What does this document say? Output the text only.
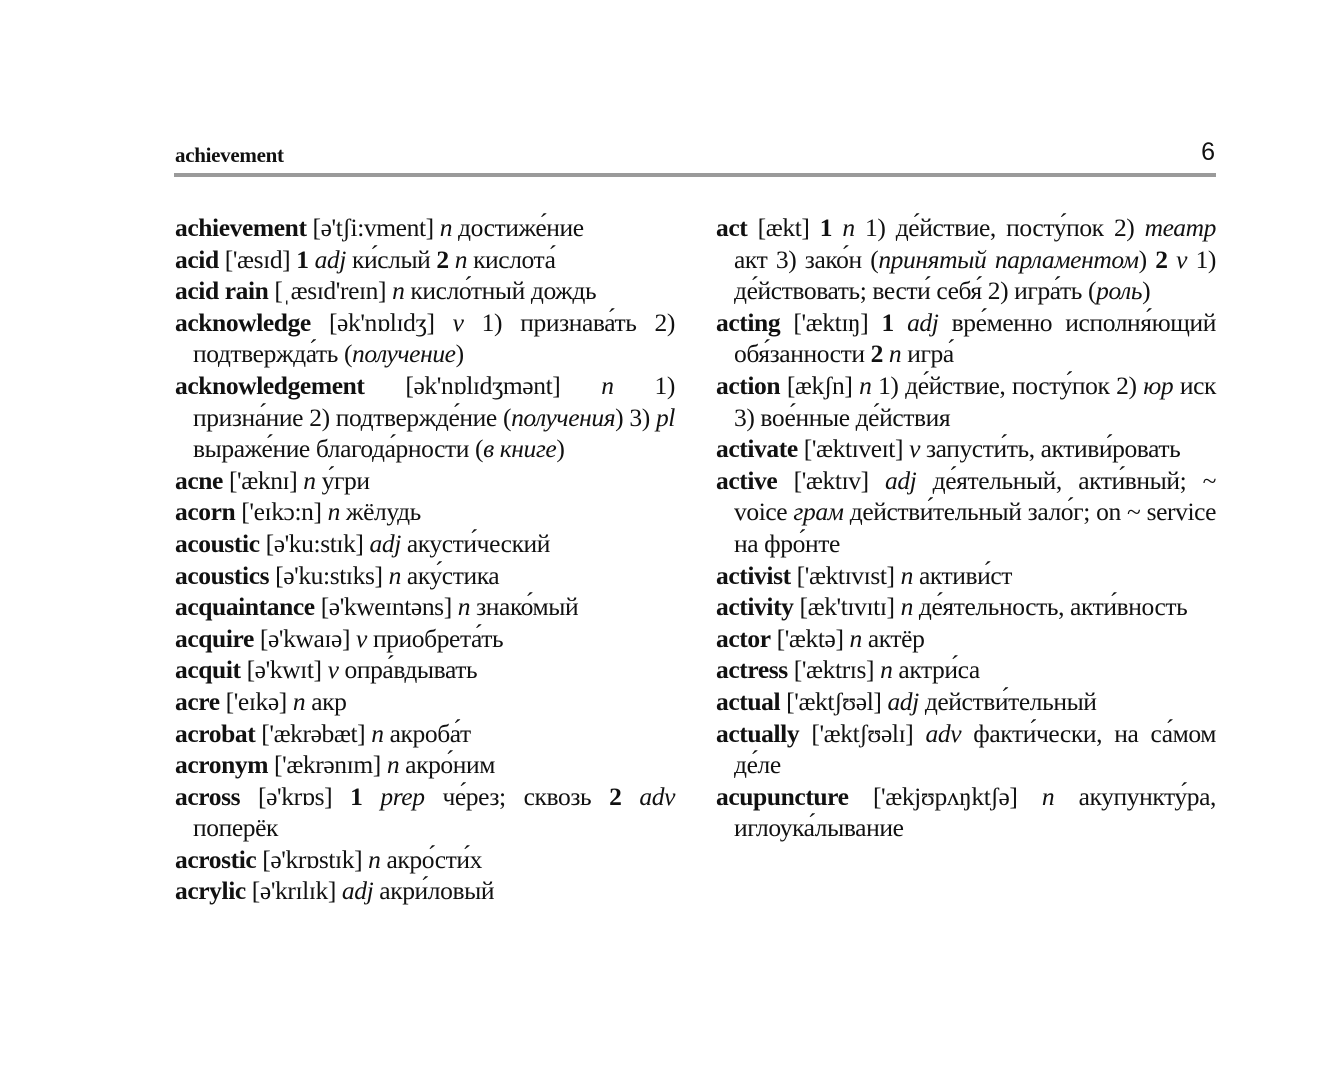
achievement	6
achievement [ə'tʃi:vment] n достиже́ние
acid ['æsɪd] 1 adj ки́слый 2 n кислота́
acid rain [ˌæsɪd'reɪn] n кисло́тный дождь
acknowledge [ək'nɒlɪdʒ] v 1) признава́ть 2) подтвержда́ть (получение)
acknowledgement [ək'nɒlɪdʒmənt] n 1) призна́ние 2) подтвержде́ние (получения) 3) pl выраже́ние благода́рности (в книге)
acne ['æknɪ] n у́гри
acorn ['eɪkɔ:n] n жёлудь
acoustic [ə'ku:stɪk] adj акусти́ческий
acoustics [ə'ku:stɪks] n аку́стика
acquaintance [ə'kweɪntəns] n знако́мый
acquire [ə'kwaɪə] v приобрета́ть
acquit [ə'kwɪt] v опра́вдывать
acre ['eɪkə] n акр
acrobat ['ækrəbæt] n акроба́т
acronym ['ækrənɪm] n акро́ним
across [ə'krɒs] 1 prep че́рез; сквозь 2 adv поперёк
acrostic [ə'krɒstɪk] n акро́сти́х
acrylic [ə'krɪlɪk] adj акри́ловый
act [ækt] 1 n 1) де́йствие, посту́пок 2) театр акт 3) зако́н (принятый парламентом) 2 v 1) де́йствовать; вести́ себя́ 2) игра́ть (роль)
acting ['æktɪŋ] 1 adj вре́менно исполня́ющий обя́занности 2 n игра́
action [ækʃn] n 1) де́йствие, посту́пок 2) юр иск 3) вое́нные де́йствия
activate ['æktɪveɪt] v запусти́ть, активи́ровать
active ['æktɪv] adj де́ятельный, акти́вный; ~ voice грам действи́тельный зало́г; on ~ service на фро́нте
activist ['æktɪvɪst] n активи́ст
activity [æk'tɪvɪtɪ] n де́ятельность, акти́вность
actor ['æktə] n актёр
actress ['æktrɪs] n актри́са
actual ['æktʃʊəl] adj действи́тельный
actually ['æktʃʊəlɪ] adv факти́чески, на са́мом де́ле
acupuncture ['ækjʊpʌŋktʃə] n акупункту́ра, иглоука́лывание
